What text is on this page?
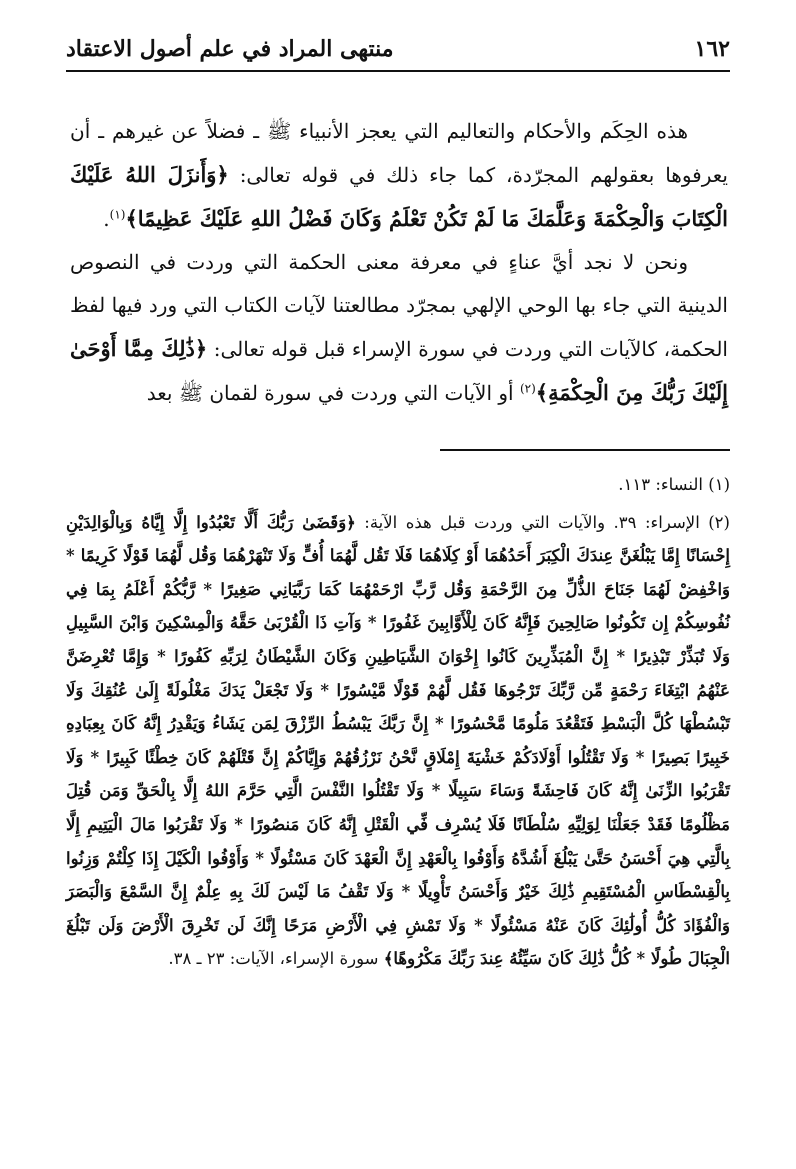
١٦٢
منتهى المراد في علم أصول الاعتقاد

هذه الحِكَم والأحكام والتعاليم التي يعجز الأنبياء ﷺ ـ فضلاً عن غيرهم ـ أن يعرفوها بعقولهم المجرّدة، كما جاء ذلك في قوله تعالى: ﴿وَأَنزَلَ اللهُ عَلَيْكَ الْكِتَابَ وَالْحِكْمَةَ وَعَلَّمَكَ مَا لَمْ تَكُنْ تَعْلَمُ وَكَانَ فَضْلُ اللهِ عَلَيْكَ عَظِيمًا﴾$^{(١)}$.

ونحن لا نجد أيَّ عناءٍ في معرفة معنى الحكمة التي وردت في النصوص الدينية التي جاء بها الوحي الإلهي بمجرّد مطالعتنا لآيات الكتاب التي ورد فيها لفظ الحكمة، كالآيات التي وردت في سورة الإسراء قبل قوله تعالى: ﴿ذَٰلِكَ مِمَّا أَوْحَىٰ إِلَيْكَ رَبُّكَ مِنَ الْحِكْمَةِ﴾$^{(٢)}$ أو الآيات التي وردت في سورة لقمان ﷺ بعد

(١) النساء: ١١٣.

(٢) الإسراء: ٣٩. والآيات التي وردت قبل هذه الآية: ﴿وَقَضَىٰ رَبُّكَ أَلَّا تَعْبُدُوا إِلَّا إِيَّاهُ وَبِالْوَالِدَيْنِ إِحْسَانًا إِمَّا يَبْلُغَنَّ عِندَكَ الْكِبَرَ أَحَدُهُمَا أَوْ كِلَاهُمَا فَلَا تَقُل لَّهُمَا أُفٍّ وَلَا تَنْهَرْهُمَا وَقُل لَّهُمَا قَوْلًا كَرِيمًا * وَاخْفِضْ لَهُمَا جَنَاحَ الذُّلِّ مِنَ الرَّحْمَةِ وَقُل رَّبِّ ارْحَمْهُمَا كَمَا رَبَّيَانِي صَغِيرًا * رَّبُّكُمْ أَعْلَمُ بِمَا فِي نُفُوسِكُمْ إِن تَكُونُوا صَالِحِينَ فَإِنَّهُ كَانَ لِلْأَوَّابِينَ غَفُورًا * وَآتِ ذَا الْقُرْبَىٰ حَقَّهُ وَالْمِسْكِينَ وَابْنَ السَّبِيلِ وَلَا تُبَذِّرْ تَبْذِيرًا * إِنَّ الْمُبَذِّرِينَ كَانُوا إِخْوَانَ الشَّيَاطِينِ وَكَانَ الشَّيْطَانُ لِرَبِّهِ كَفُورًا * وَإِمَّا تُعْرِضَنَّ عَنْهُمُ ابْتِغَاءَ رَحْمَةٍ مِّن رَّبِّكَ تَرْجُوهَا فَقُل لَّهُمْ قَوْلًا مَّيْسُورًا * وَلَا تَجْعَلْ يَدَكَ مَغْلُولَةً إِلَىٰ عُنُقِكَ وَلَا تَبْسُطْهَا كُلَّ الْبَسْطِ فَتَقْعُدَ مَلُومًا مَّحْسُورًا * إِنَّ رَبَّكَ يَبْسُطُ الرِّزْقَ لِمَن يَشَاءُ وَيَقْدِرُ إِنَّهُ كَانَ بِعِبَادِهِ خَبِيرًا بَصِيرًا * وَلَا تَقْتُلُوا أَوْلَادَكُمْ خَشْيَةَ إِمْلَاقٍ نَّحْنُ نَرْزُقُهُمْ وَإِيَّاكُمْ إِنَّ قَتْلَهُمْ كَانَ خِطْئًا كَبِيرًا * وَلَا تَقْرَبُوا الزِّنَىٰ إِنَّهُ كَانَ فَاحِشَةً وَسَاءَ سَبِيلًا * وَلَا تَقْتُلُوا النَّفْسَ الَّتِي حَرَّمَ اللهُ إِلَّا بِالْحَقِّ وَمَن قُتِلَ مَظْلُومًا فَقَدْ جَعَلْنَا لِوَلِيِّهِ سُلْطَانًا فَلَا يُسْرِف فِّي الْقَتْلِ إِنَّهُ كَانَ مَنصُورًا * وَلَا تَقْرَبُوا مَالَ الْيَتِيمِ إِلَّا بِالَّتِي هِيَ أَحْسَنُ حَتَّىٰ يَبْلُغَ أَشُدَّهُ وَأَوْفُوا بِالْعَهْدِ إِنَّ الْعَهْدَ كَانَ مَسْئُولًا * وَأَوْفُوا الْكَيْلَ إِذَا كِلْتُمْ وَزِنُوا بِالْقِسْطَاسِ الْمُسْتَقِيمِ ذَٰلِكَ خَيْرٌ وَأَحْسَنُ تَأْوِيلًا * وَلَا تَقْفُ مَا لَيْسَ لَكَ بِهِ عِلْمٌ إِنَّ السَّمْعَ وَالْبَصَرَ وَالْفُؤَادَ كُلُّ أُولَٰئِكَ كَانَ عَنْهُ مَسْئُولًا * وَلَا تَمْشِ فِي الْأَرْضِ مَرَحًا إِنَّكَ لَن تَخْرِقَ الْأَرْضَ وَلَن تَبْلُغَ الْجِبَالَ طُولًا * كُلُّ ذَٰلِكَ كَانَ سَيِّئُهُ عِندَ رَبِّكَ مَكْرُوهًا﴾ سورة الإسراء، الآيات: ٢٣ ـ ٣٨.
